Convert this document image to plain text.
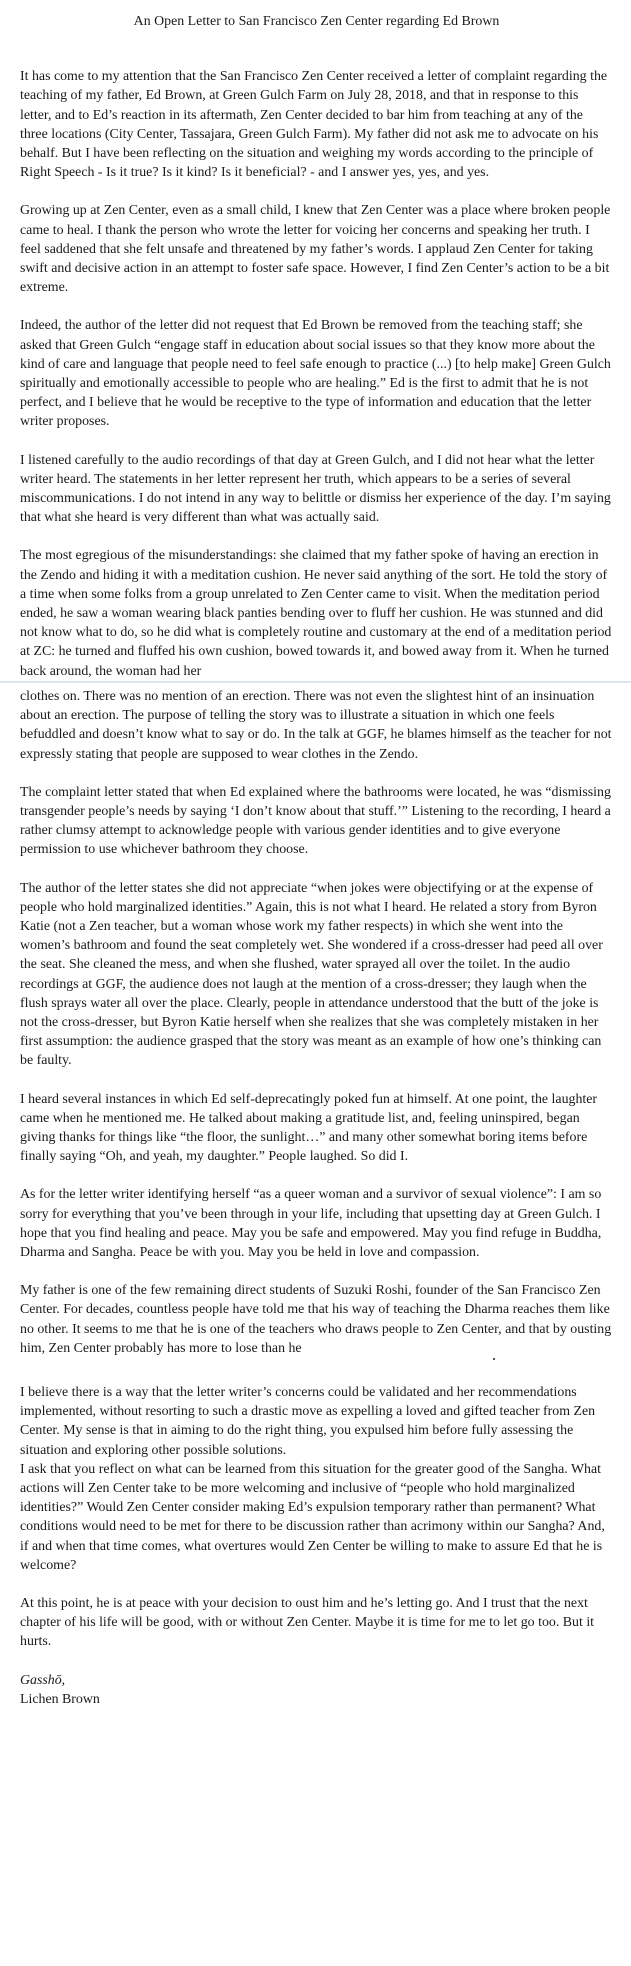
An Open Letter to San Francisco Zen Center regarding Ed Brown

It has come to my attention that the San Francisco Zen Center received a letter of complaint regarding the teaching of my father, Ed Brown, at Green Gulch Farm on July 28, 2018, and that in response to this letter, and to Ed’s reaction in its aftermath, Zen Center decided to bar him from teaching at any of the three locations (City Center, Tassajara, Green Gulch Farm). My father did not ask me to advocate on his behalf. But I have been reflecting on the situation and weighing my words according to the principle of Right Speech - Is it true? Is it kind? Is it beneficial? - and I answer yes, yes, and yes.

Growing up at Zen Center, even as a small child, I knew that Zen Center was a place where broken people came to heal. I thank the person who wrote the letter for voicing her concerns and speaking her truth. I feel saddened that she felt unsafe and threatened by my father’s words. I applaud Zen Center for taking swift and decisive action in an attempt to foster safe space. However, I find Zen Center’s action to be a bit extreme.

Indeed, the author of the letter did not request that Ed Brown be removed from the teaching staff; she asked that Green Gulch “engage staff in education about social issues so that they know more about the kind of care and language that people need to feel safe enough to practice (...) [to help make] Green Gulch spiritually and emotionally accessible to people who are healing.” Ed is the first to admit that he is not perfect, and I believe that he would be receptive to the type of information and education that the letter writer proposes.

I listened carefully to the audio recordings of that day at Green Gulch, and I did not hear what the letter writer heard. The statements in her letter represent her truth, which appears to be a series of several miscommunications. I do not intend in any way to belittle or dismiss her experience of the day. I’m saying that what she heard is very different than what was actually said.

The most egregious of the misunderstandings: she claimed that my father spoke of having an erection in the Zendo and hiding it with a meditation cushion. He never said anything of the sort. He told the story of a time when some folks from a group unrelated to Zen Center came to visit. When the meditation period ended, he saw a woman wearing black panties bending over to fluff her cushion. He was stunned and did not know what to do, so he did what is completely routine and customary at the end of a meditation period at ZC: he turned and fluffed his own cushion, bowed towards it, and bowed away from it. When he turned back around, the woman had her

clothes on. There was no mention of an erection. There was not even the slightest hint of an insinuation about an erection. The purpose of telling the story was to illustrate a situation in which one feels befuddled and doesn’t know what to say or do. In the talk at GGF, he blames himself as the teacher for not expressly stating that people are supposed to wear clothes in the Zendo.

The complaint letter stated that when Ed explained where the bathrooms were located, he was “dismissing transgender people’s needs by saying ‘I don’t know about that stuff.’” Listening to the recording, I heard a rather clumsy attempt to acknowledge people with various gender identities and to give everyone permission to use whichever bathroom they choose.

The author of the letter states she did not appreciate “when jokes were objectifying or at the expense of people who hold marginalized identities.” Again, this is not what I heard. He related a story from Byron Katie (not a Zen teacher, but a woman whose work my father respects) in which she went into the women’s bathroom and found the seat completely wet. She wondered if a cross-dresser had peed all over the seat. She cleaned the mess, and when she flushed, water sprayed all over the toilet. In the audio recordings at GGF, the audience does not laugh at the mention of a cross-dresser; they laugh when the flush sprays water all over the place. Clearly, people in attendance understood that the butt of the joke is not the cross-dresser, but Byron Katie herself when she realizes that she was completely mistaken in her first assumption: the audience grasped that the story was meant as an example of how one’s thinking can be faulty.

I heard several instances in which Ed self-deprecatingly poked fun at himself. At one point, the laughter came when he mentioned me. He talked about making a gratitude list, and, feeling uninspired, began giving thanks for things like “the floor, the sunlight…” and many other somewhat boring items before finally saying “Oh, and yeah, my daughter.” People laughed. So did I.

As for the letter writer identifying herself “as a queer woman and a survivor of sexual violence”: I am so sorry for everything that you’ve been through in your life, including that upsetting day at Green Gulch. I hope that you find healing and peace. May you be safe and empowered. May you find refuge in Buddha, Dharma and Sangha. Peace be with you. May you be held in love and compassion.

My father is one of the few remaining direct students of Suzuki Roshi, founder of the San Francisco Zen Center. For decades, countless people have told me that his way of teaching the Dharma reaches them like no other. It seems to me that he is one of the teachers who draws people to Zen Center, and that by ousting him, Zen Center probably has more to lose than he

I believe there is a way that the letter writer’s concerns could be validated and her recommendations implemented, without resorting to such a drastic move as expelling a loved and gifted teacher from Zen Center. My sense is that in aiming to do the right thing, you expulsed him before fully assessing the situation and exploring other possible solutions.

I ask that you reflect on what can be learned from this situation for the greater good of the Sangha. What actions will Zen Center take to be more welcoming and inclusive of “people who hold marginalized identities?” Would Zen Center consider making Ed’s expulsion temporary rather than permanent? What conditions would need to be met for there to be discussion rather than acrimony within our Sangha? And, if and when that time comes, what overtures would Zen Center be willing to make to assure Ed that he is welcome?

At this point, he is at peace with your decision to oust him and he’s letting go. And I trust that the next chapter of his life will be good, with or without Zen Center. Maybe it is time for me to let go too. But it hurts.

Gasshō,
Lichen Brown
